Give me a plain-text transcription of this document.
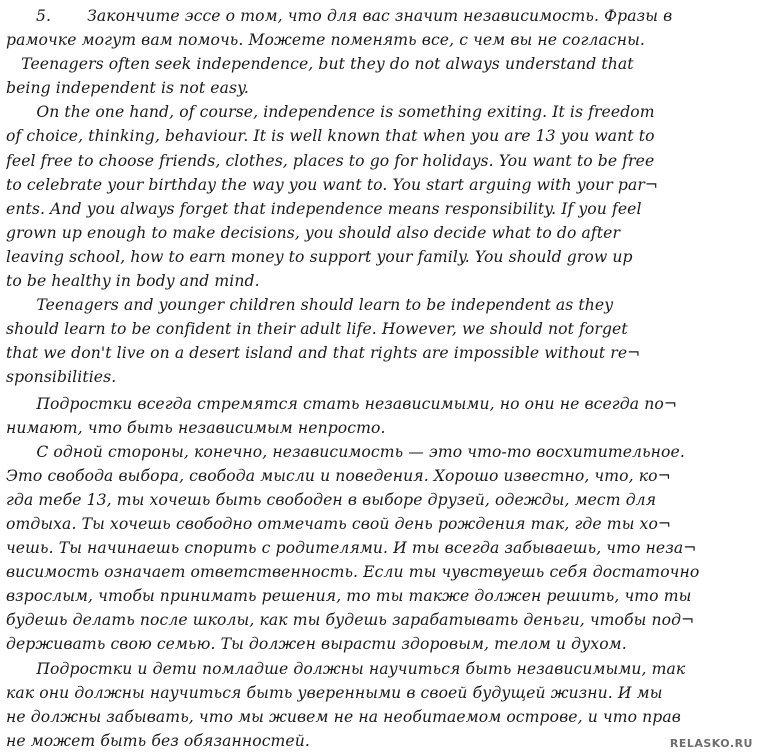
5. Закончите эссе о том, что для вас значит независимость. Фразы в
рамочке могут вам помочь. Можете поменять все, с чем вы не согласны.
Teenagers often seek independence, but they do not always understand that
being independent is not easy.
On the one hand, of course, independence is something exiting. It is freedom
of choice, thinking, behaviour. It is well known that when you are 13 you want to
feel free to choose friends, clothes, places to go for holidays. You want to be free
to celebrate your birthday the way you want to. You start arguing with your par¬
ents. And you always forget that independence means responsibility. If you feel
grown up enough to make decisions, you should also decide what to do after
leaving school, how to earn money to support your family. You should grow up
to be healthy in body and mind.
Teenagers and younger children should learn to be independent as they
should learn to be confident in their adult life. However, we should not forget
that we don't live on a desert island and that rights are impossible without re¬
sponsibilities.
Подростки всегда стремятся стать независимыми, но они не всегда по¬
нимают, что быть независимым непросто.
С одной стороны, конечно, независимость — это что-то восхитительное.
Это свобода выбора, свобода мысли и поведения. Хорошо известно, что, ко¬
гда тебе 13, ты хочешь быть свободен в выборе друзей, одежды, мест для
отдыха. Ты хочешь свободно отмечать свой день рождения так, где ты хо¬
чешь. Ты начинаешь спорить с родителями. И ты всегда забываешь, что неза¬
висимость означает ответственность. Если ты чувствуешь себя достаточно
взрослым, чтобы принимать решения, то ты также должен решить, что ты
будешь делать после школы, как ты будешь зарабатывать деньги, чтобы под¬
держивать свою семью. Ты должен вырасти здоровым, телом и духом.
Подростки и дети помладше должны научиться быть независимыми, так
как они должны научиться быть уверенными в своей будущей жизни. И мы
не должны забывать, что мы живем не на необитаемом острове, и что прав
не может быть без обязанностей.	RELASKO.RU
